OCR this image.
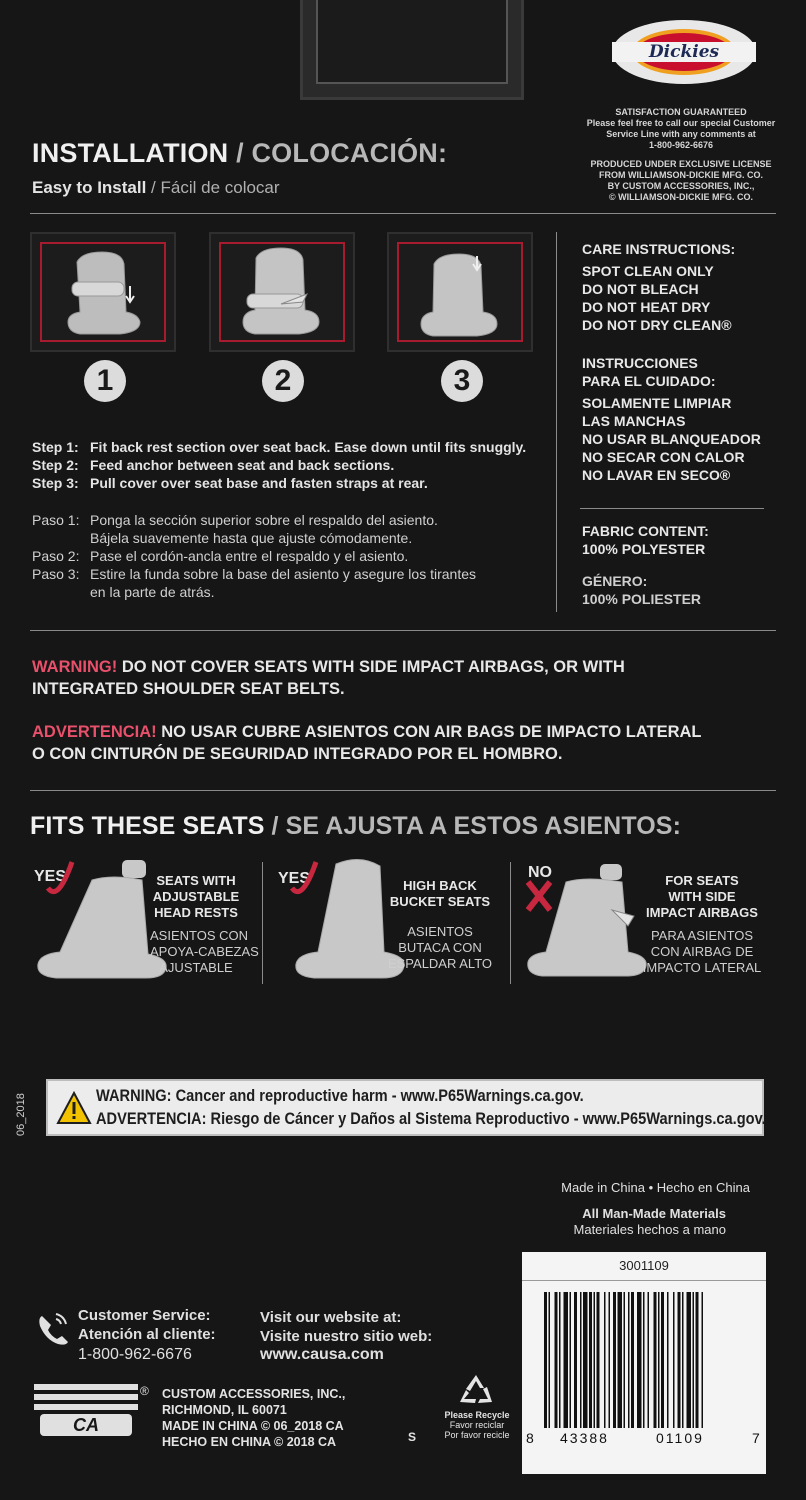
Dickies
SATISFACTION GUARANTEED
Please feel free to call our special Customer
Service Line with any comments at
1-800-962-6676
PRODUCED UNDER EXCLUSIVE LICENSE
FROM WILLIAMSON-DICKIE MFG. CO.
BY CUSTOM ACCESSORIES, INC.,
© WILLIAMSON-DICKIE MFG. CO.
INSTALLATION / COLOCACIÓN:
Easy to Install / Fácil de colocar
1	2	3
Step 1: Fit back rest section over seat back. Ease down until fits snuggly.
Step 2: Feed anchor between seat and back sections.
Step 3: Pull cover over seat base and fasten straps at rear.
Paso 1: Ponga la sección superior sobre el respaldo del asiento.
Bájela suavemente hasta que ajuste cómodamente.
Paso 2: Pase el cordón-ancla entre el respaldo y el asiento.
Paso 3: Estire la funda sobre la base del asiento y asegure los tirantes
en la parte de atrás.
CARE INSTRUCTIONS:
SPOT CLEAN ONLY
DO NOT BLEACH
DO NOT HEAT DRY
DO NOT DRY CLEAN®
INSTRUCCIONES
PARA EL CUIDADO:
SOLAMENTE LIMPIAR
LAS MANCHAS
NO USAR BLANQUEADOR
NO SECAR CON CALOR
NO LAVAR EN SECO®
FABRIC CONTENT:
100% POLYESTER
GÉNERO:
100% POLIESTER
WARNING! DO NOT COVER SEATS WITH SIDE IMPACT AIRBAGS, OR WITH
INTEGRATED SHOULDER SEAT BELTS.
ADVERTENCIA! NO USAR CUBRE ASIENTOS CON AIR BAGS DE IMPACTO LATERAL
O CON CINTURÓN DE SEGURIDAD INTEGRADO POR EL HOMBRO.
FITS THESE SEATS / SE AJUSTA A ESTOS ASIENTOS:
YES	YES	NO
SEATS WITH
ADJUSTABLE
HEAD RESTS
ASIENTOS CON
APOYA-CABEZAS
AJUSTABLE
HIGH BACK
BUCKET SEATS
ASIENTOS
BUTACA CON
ESPALDAR ALTO
FOR SEATS
WITH SIDE
IMPACT AIRBAGS
PARA ASIENTOS
CON AIRBAG DE
IMPACTO LATERAL
06_2018	WARNING: Cancer and reproductive harm - www.P65Warnings.ca.gov.
ADVERTENCIA: Riesgo de Cáncer y Daños al Sistema Reproductivo - www.P65Warnings.ca.gov.
Made in China • Hecho en China
All Man-Made Materials
Materiales hechos a mano
3001109
8 43388	01109	7
Customer Service:
Atención al cliente:
1-800-962-6676
Visit our website at:
Visite nuestro sitio web:
www.causa.com
CA
® CUSTOM ACCESSORIES, INC.,
RICHMOND, IL 60071
MADE IN CHINA © 06_2018 CA
HECHO EN CHINA © 2018 CA	S
Please Recycle
Favor reciclar
Por favor recicle
